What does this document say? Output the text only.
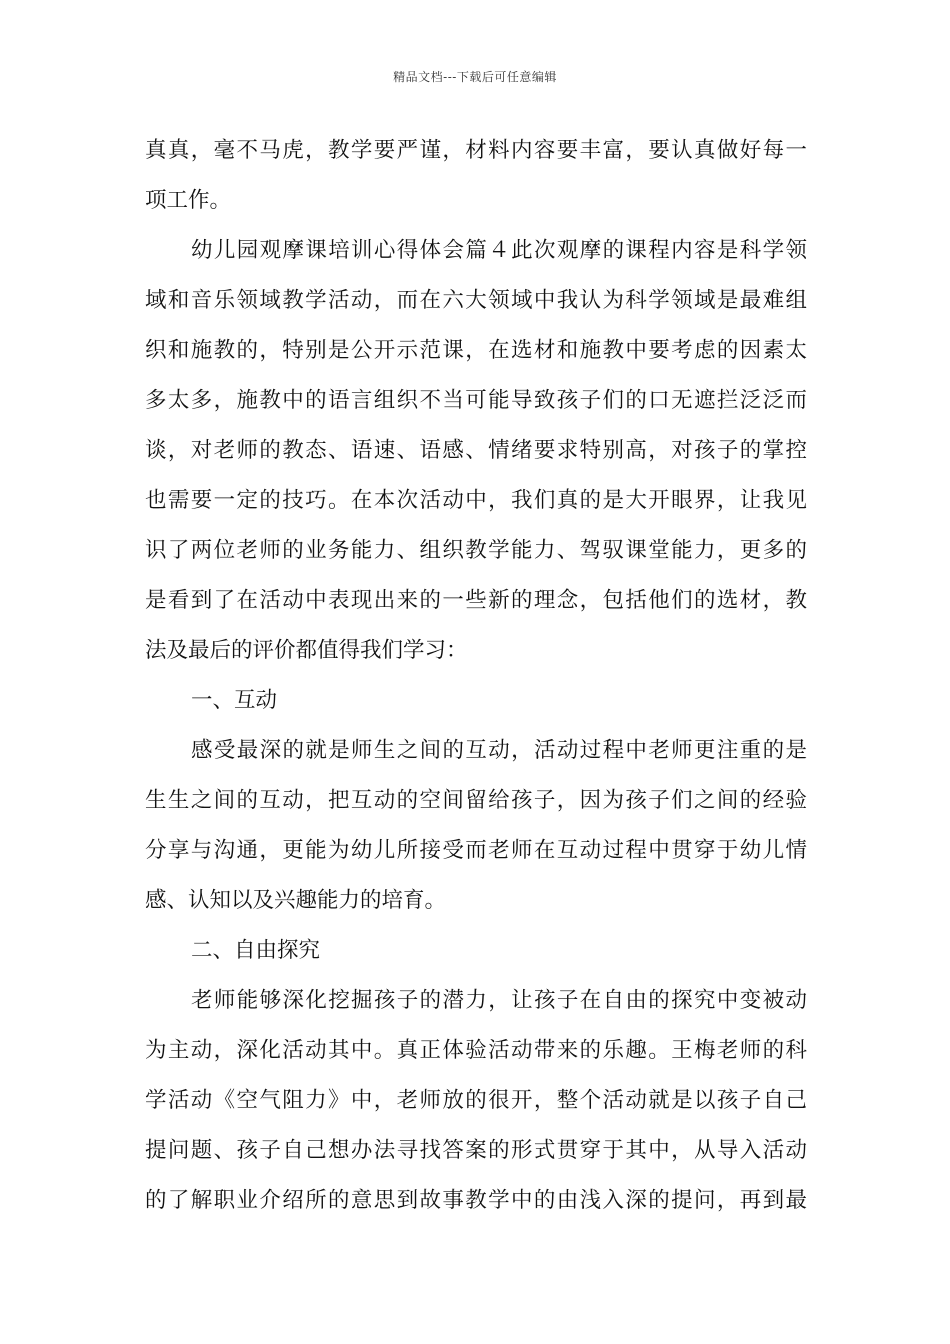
精品文档---下载后可任意编辑
真真，毫不马虎，教学要严谨，材料内容要丰富，要认真做好每一
项工作。
幼儿园观摩课培训心得体会篇４此次观摩的课程内容是科学领
域和音乐领域教学活动，而在六大领域中我认为科学领域是最难组
织和施教的，特别是公开示范课，在选材和施教中要考虑的因素太
多太多，施教中的语言组织不当可能导致孩子们的口无遮拦泛泛而
谈，对老师的教态、语速、语感、情绪要求特别高，对孩子的掌控
也需要一定的技巧。在本次活动中，我们真的是大开眼界，让我见
识了两位老师的业务能力、组织教学能力、驾驭课堂能力，更多的
是看到了在活动中表现出来的一些新的理念，包括他们的选材，教
法及最后的评价都值得我们学习：
一、互动
感受最深的就是师生之间的互动，活动过程中老师更注重的是
生生之间的互动，把互动的空间留给孩子，因为孩子们之间的经验
分享与沟通，更能为幼儿所接受而老师在互动过程中贯穿于幼儿情
感、认知以及兴趣能力的培育。
二、自由探究
老师能够深化挖掘孩子的潜力，让孩子在自由的探究中变被动
为主动，深化活动其中。真正体验活动带来的乐趣。王梅老师的科
学活动《空气阻力》中，老师放的很开，整个活动就是以孩子自己
提问题、孩子自己想办法寻找答案的形式贯穿于其中，从导入活动
的了解职业介绍所的意思到故事教学中的由浅入深的提问，再到最
